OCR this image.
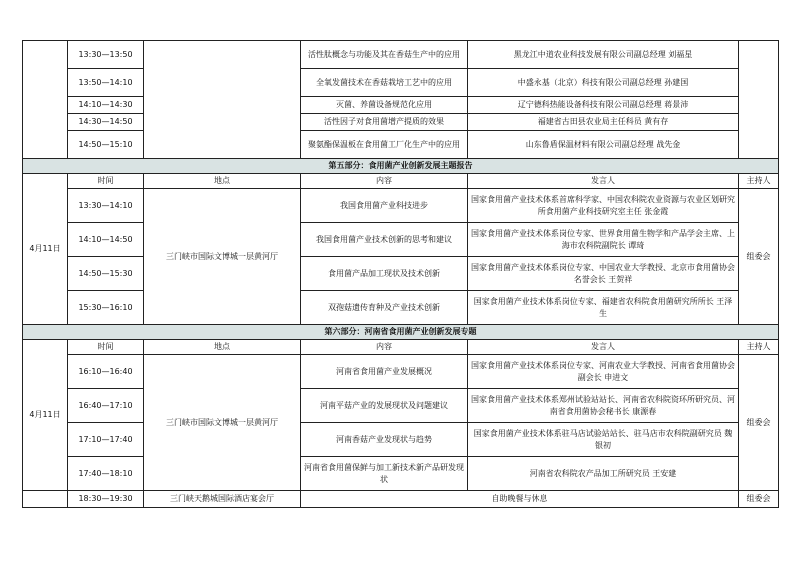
	13:30—13:50		活性肽概念与功能及其在香菇生产中的应用	黑龙江中道农业科技发展有限公司副总经理 刘福星	
	13:50—14:10		全氧发菌技术在香菇栽培工艺中的应用	中盛永基（北京）科技有限公司副总经理 孙建国	
	14:10—14:30		灭菌、养菌设备规范化应用	辽宁德科热能设备科技有限公司副总经理 蒋景沛	
	14:30—14:50		活性因子对食用菌增产提质的效果	福建省古田县农业局主任科员 黄有存	
	14:50—15:10		聚氨酯保温板在食用菌工厂化生产中的应用	山东鲁盾保温材料有限公司副总经理 战先金	
第五部分：食用菌产业创新发展主题报告					
4月11日	时间	地点	内容	发言人	主持人
	13:30—14:10	三门峡市国际文博城一层黄河厅	我国食用菌产业科技进步	国家食用菌产业技术体系首席科学家、中国农科院农业资源与农业区划研究所食用菌产业科技研究室主任 张金霞	组委会
	14:10—14:50		我国食用菌产业技术创新的思考和建议	国家食用菌产业技术体系岗位专家、世界食用菌生物学和产品学会主席、上海市农科院副院长 谭琦	
	14:50—15:30		食用菌产品加工现状及技术创新	国家食用菌产业技术体系岗位专家、中国农业大学教授、北京市食用菌协会名誉会长 王贺祥	
	15:30—16:10		双孢菇遗传育种及产业技术创新	国家食用菌产业技术体系岗位专家、福建省农科院食用菌研究所所长 王泽生	
第六部分：河南省食用菌产业创新发展专题					
4月11日	时间	地点	内容	发言人	主持人
	16:10—16:40	三门峡市国际文博城一层黄河厅	河南省食用菌产业发展概况	国家食用菌产业技术体系岗位专家、河南农业大学教授、河南省食用菌协会副会长 申进文	组委会
	16:40—17:10		河南平菇产业的发展现状及问题建议	国家食用菌产业技术体系郑州试验站站长、河南省农科院资环所研究员、河南省食用菌协会秘书长 康源春	
	17:10—17:40		河南香菇产业发现状与趋势	国家食用菌产业技术体系驻马店试验站站长、驻马店市农科院副研究员 魏银初	
	17:40—18:10		河南省食用菌保鲜与加工新技术新产品研发现状	河南省农科院农产品加工所研究员 王安建	
	18:30—19:30	三门峡天鹅城国际酒店宴会厅	自助晚餐与休息		组委会
